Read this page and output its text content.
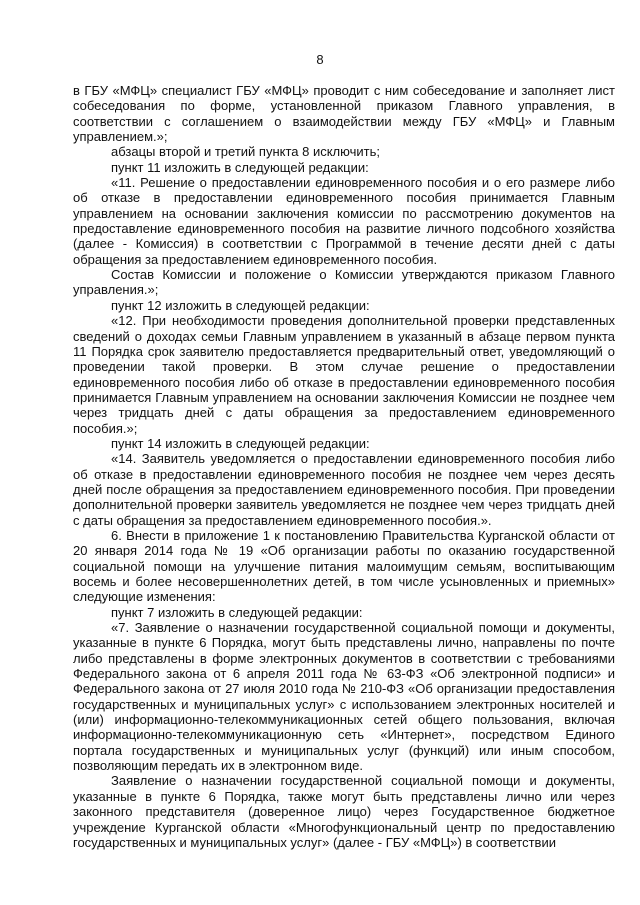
8

в ГБУ «МФЦ» специалист ГБУ «МФЦ» проводит с ним собеседование и заполняет лист собеседования по форме, установленной приказом Главного управления, в соответствии с соглашением о взаимодействии между ГБУ «МФЦ» и Главным управлением.»;

абзацы второй и третий пункта 8 исключить;

пункт 11 изложить в следующей редакции:

«11. Решение о предоставлении единовременного пособия и о его размере либо об отказе в предоставлении единовременного пособия принимается Главным управлением на основании заключения комиссии по рассмотрению документов на предоставление единовременного пособия на развитие личного подсобного хозяйства (далее - Комиссия) в соответствии с Программой в течение десяти дней с даты обращения за предоставлением единовременного пособия.

Состав Комиссии и положение о Комиссии утверждаются приказом Главного управления.»;

пункт 12 изложить в следующей редакции:

«12. При необходимости проведения дополнительной проверки представленных сведений о доходах семьи Главным управлением в указанный в абзаце первом пункта 11 Порядка срок заявителю предоставляется предварительный ответ, уведомляющий о проведении такой проверки. В этом случае решение о предоставлении единовременного пособия либо об отказе в предоставлении единовременного пособия принимается Главным управлением на основании заключения Комиссии не позднее чем через тридцать дней с даты обращения за предоставлением единовременного пособия.»;

пункт 14 изложить в следующей редакции:

«14. Заявитель уведомляется о предоставлении единовременного пособия либо об отказе в предоставлении единовременного пособия не позднее чем через десять дней после обращения за предоставлением единовременного пособия. При проведении дополнительной проверки заявитель уведомляется не позднее чем через тридцать дней с даты обращения за предоставлением единовременного пособия.».

6. Внести в приложение 1 к постановлению Правительства Курганской области от 20 января 2014 года № 19 «Об организации работы по оказанию государственной социальной помощи на улучшение питания малоимущим семьям, воспитывающим восемь и более несовершеннолетних детей, в том числе усыновленных и приемных» следующие изменения:

пункт 7 изложить в следующей редакции:

«7. Заявление о назначении государственной социальной помощи и документы, указанные в пункте 6 Порядка, могут быть представлены лично, направлены по почте либо представлены в форме электронных документов в соответствии с требованиями Федерального закона от 6 апреля 2011 года № 63-ФЗ «Об электронной подписи» и Федерального закона от 27 июля 2010 года № 210-ФЗ «Об организации предоставления государственных и муниципальных услуг» с использованием электронных носителей и (или) информационно-телекоммуникационных сетей общего пользования, включая информационно-телекоммуникационную сеть «Интернет», посредством Единого портала государственных и муниципальных услуг (функций) или иным способом, позволяющим передать их в электронном виде.

Заявление о назначении государственной социальной помощи и документы, указанные в пункте 6 Порядка, также могут быть представлены лично или через законного представителя (доверенное лицо) через Государственное бюджетное учреждение Курганской области «Многофункциональный центр по предоставлению государственных и муниципальных услуг» (далее - ГБУ «МФЦ») в соответствии
